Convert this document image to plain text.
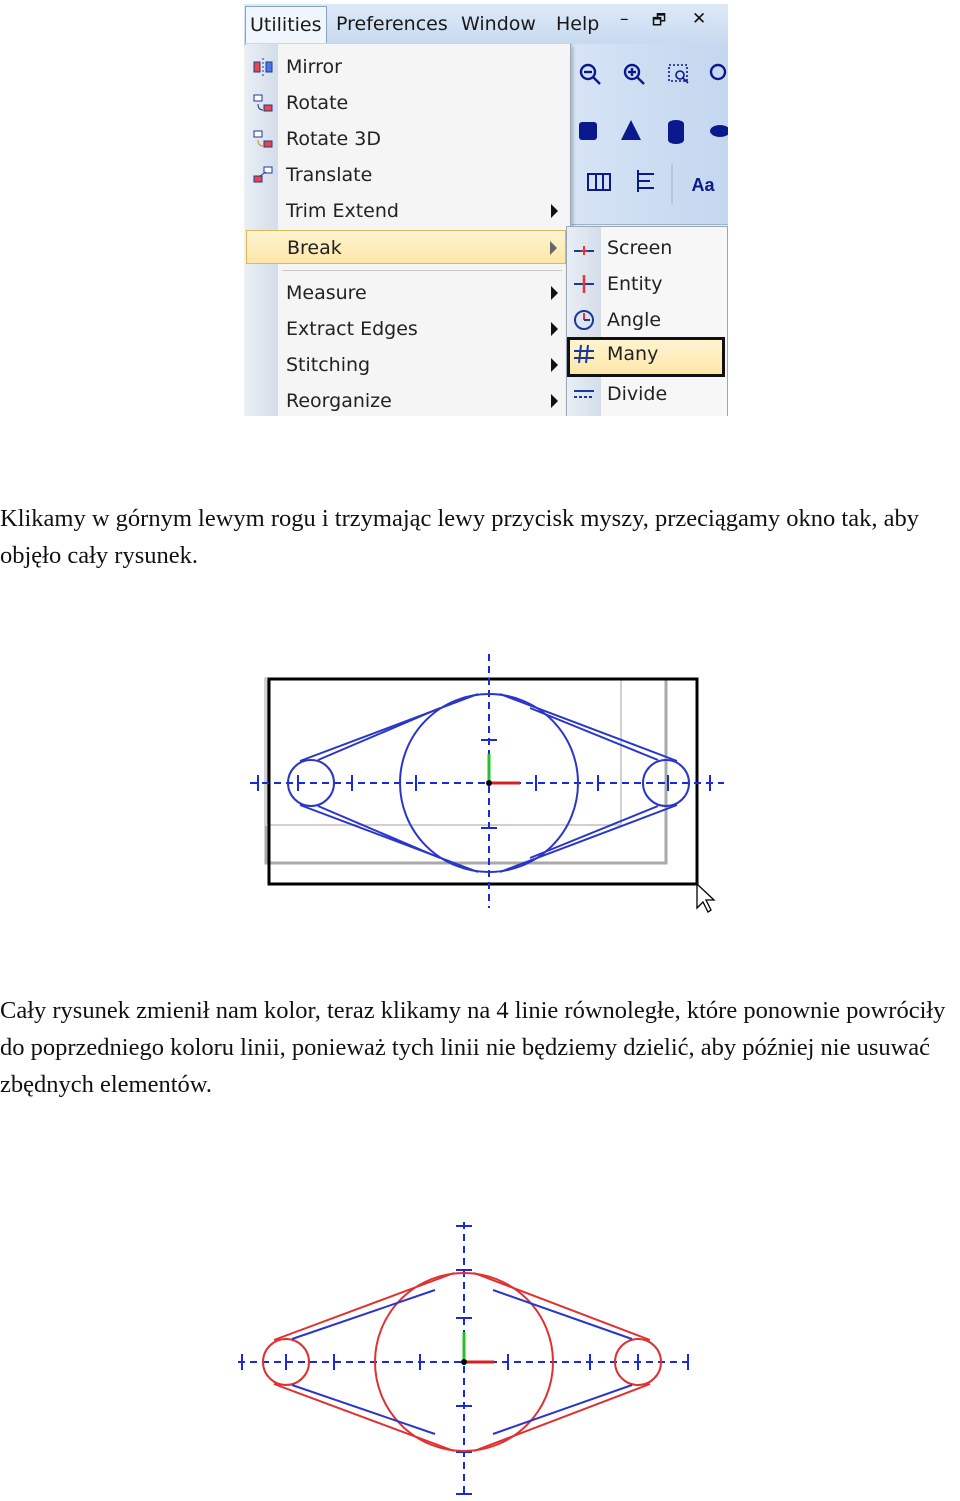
Utilities Preferences Window Help – 🗗 ✕
Aa
Mirror
Rotate
Rotate 3D
Translate
Trim Extend
Break
Measure
Extract Edges
Stitching
Reorganize
Screen
Entity
Angle
Many
Divide
Klikamy w górnym lewym rogu i trzymając lewy przycisk myszy, przeciągamy okno tak, aby objęło cały rysunek.
Cały rysunek zmienił nam kolor, teraz klikamy na 4 linie równoległe, które ponownie powróciły do poprzedniego koloru linii, ponieważ tych linii nie będziemy dzielić, aby później nie usuwać zbędnych elementów.
